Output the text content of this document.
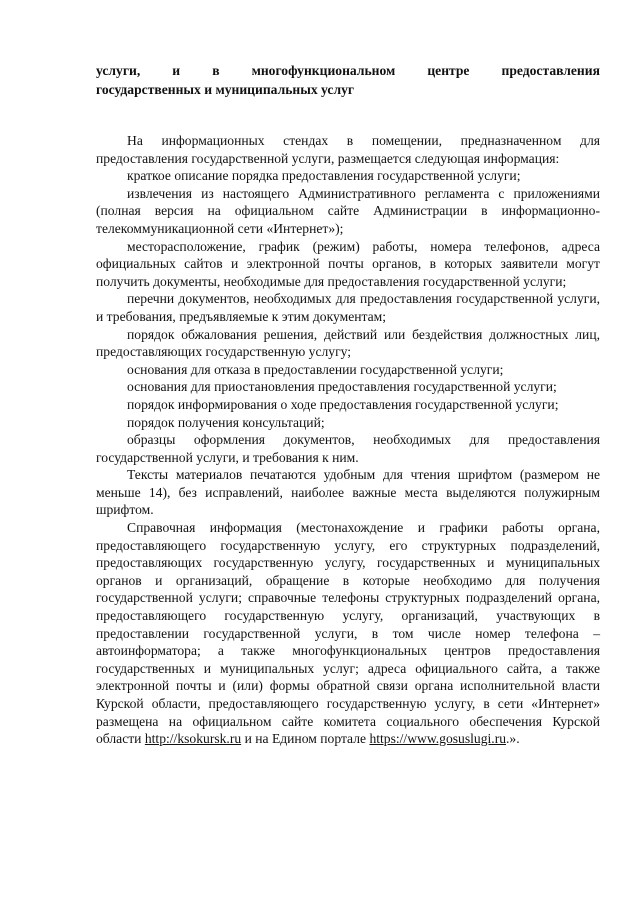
услуги, и в многофункциональном центре предоставления
государственных и муниципальных услуг

На информационных стендах в помещении, предназначенном для предоставления государственной услуги, размещается следующая информация:

краткое описание порядка предоставления государственной услуги;

извлечения из настоящего Административного регламента с приложениями (полная версия на официальном сайте Администрации в информационно-телекоммуникационной сети «Интернет»);

месторасположение, график (режим) работы, номера телефонов, адреса официальных сайтов и электронной почты органов, в которых заявители могут получить документы, необходимые для предоставления государственной услуги;

перечни документов, необходимых для предоставления государственной услуги, и требования, предъявляемые к этим документам;

порядок обжалования решения, действий или бездействия должностных лиц, предоставляющих государственную услугу;

основания для отказа в предоставлении государственной услуги;

основания для приостановления предоставления государственной услуги;

порядок информирования о ходе предоставления государственной услуги;

порядок получения консультаций;

образцы оформления документов, необходимых для предоставления государственной услуги, и требования к ним.

Тексты материалов печатаются удобным для чтения шрифтом (размером не меньше 14), без исправлений, наиболее важные места выделяются полужирным шрифтом.

Справочная информация (местонахождение и графики работы органа, предоставляющего государственную услугу, его структурных подразделений, предоставляющих государственную услугу, государственных и муниципальных органов и организаций, обращение в которые необходимо для получения государственной услуги; справочные телефоны структурных подразделений органа, предоставляющего государственную услугу, организаций, участвующих в предоставлении государственной услуги, в том числе номер телефона – автоинформатора; а также многофункциональных центров предоставления государственных и муниципальных услуг; адреса официального сайта, а также электронной почты и (или) формы обратной связи органа исполнительной власти Курской области, предоставляющего государственную услугу, в сети «Интернет» размещена на официальном сайте комитета социального обеспечения Курской области http://ksokursk.ru и на Едином портале https://www.gosuslugi.ru.».
